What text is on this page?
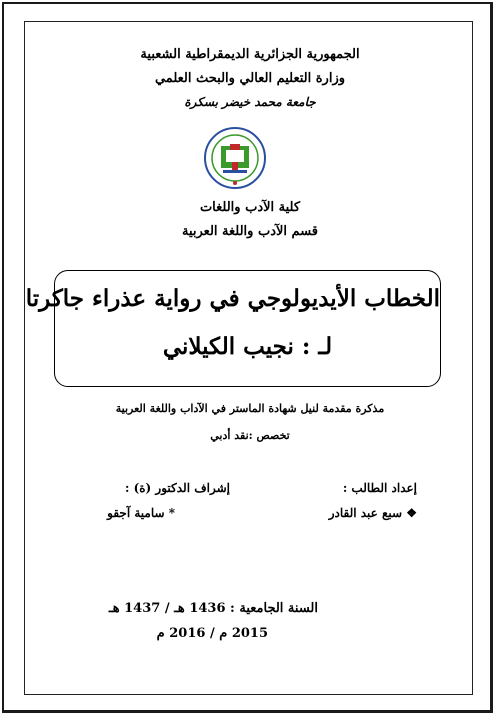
الجمهورية الجزائرية الديمقراطية الشعبية
وزارة التعليم العالي والبحث العلمي
جامعة محمد خيضر بسكرة
كلية الآدب واللغات
قسم الآدب واللغة العربية
الخطاب الأيديولوجي في رواية عذراء جاكرتا
لـ : نجيب الكيلاني
مذكرة مقدمة لنيل شهادة الماستر في الآداب واللغة العربية
تخصص :نقد أدبي
إعداد الطالب :
إشراف الدكتور (ة) :
❖ سبع عبد القادر
* سامية آجقو
السنة الجامعية : 1436 هـ / 1437 هـ
2015 م / 2016 م
